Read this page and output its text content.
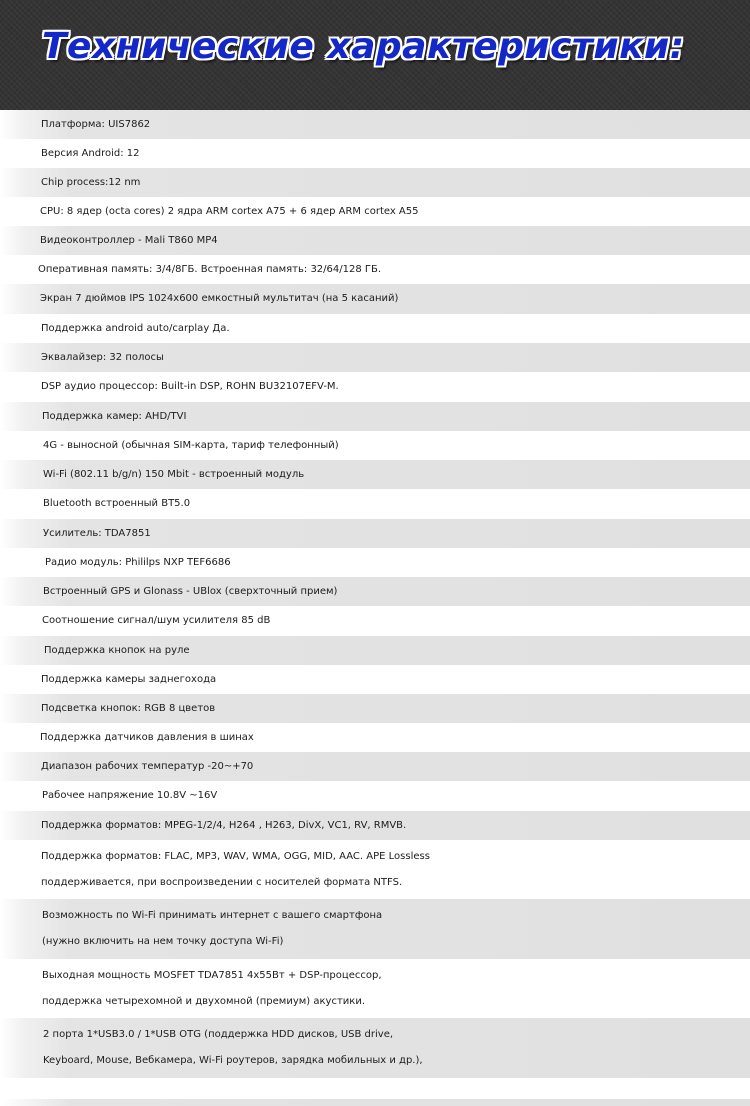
Технические характеристики:
Платформа: UIS7862
Версия Android: 12
Chip process:12 nm
CPU: 8 ядер (octa cores) 2 ядра ARM cortex A75 + 6 ядер ARM cortex A55
Видеоконтроллер - Mali T860 MP4
Оперативная память: 3/4/8ГБ. Встроенная память: 32/64/128 ГБ.
Экран 7 дюймов IPS 1024x600 емкостный мультитач (на 5 касаний)
Поддержка android auto/carplay Да.
Эквалайзер: 32 полосы
DSP аудио процессор: Built-in DSP, ROHN BU32107EFV-M.
Поддержка камер: AHD/TVI
4G - выносной (обычная SIM-карта, тариф телефонный)
Wi-Fi (802.11 b/g/n) 150 Mbit - встроенный модуль
Bluetooth встроенный BT5.0
Усилитель: TDA7851
Радио модуль: Phililps NXP TEF6686
Встроенный GPS и Glonass - UBlox (сверхточный прием)
Соотношение сигнал/шум усилителя 85 dB
Поддержка кнопок на руле
Поддержка камеры заднегохода
Подсветка кнопок: RGB 8 цветов
Поддержка датчиков давления в шинах
Диапазон рабочих температур -20~+70
Рабочее напряжение 10.8V ~16V
Поддержка форматов: MPEG-1/2/4, H264 , H263, DivX, VC1, RV, RMVB.
Поддержка форматов: FLAC, MP3, WAV, WMA, OGG, MID, AAC. APE Lossless
поддерживается, при воспроизведении с носителей формата NTFS.
Возможность по Wi-Fi принимать интернет с вашего смартфона
(нужно включить на нем точку доступа Wi-Fi)
Выходная мощность MOSFET TDA7851 4x55Вт + DSP-процессор,
поддержка четырехомной и двухомной (премиум) акустики.
2 порта 1*USB3.0 / 1*USB OTG (поддержка HDD дисков, USB drive,
Keyboard, Mouse, Вебкамера, Wi-Fi роутеров, зарядка мобильных и др.),
